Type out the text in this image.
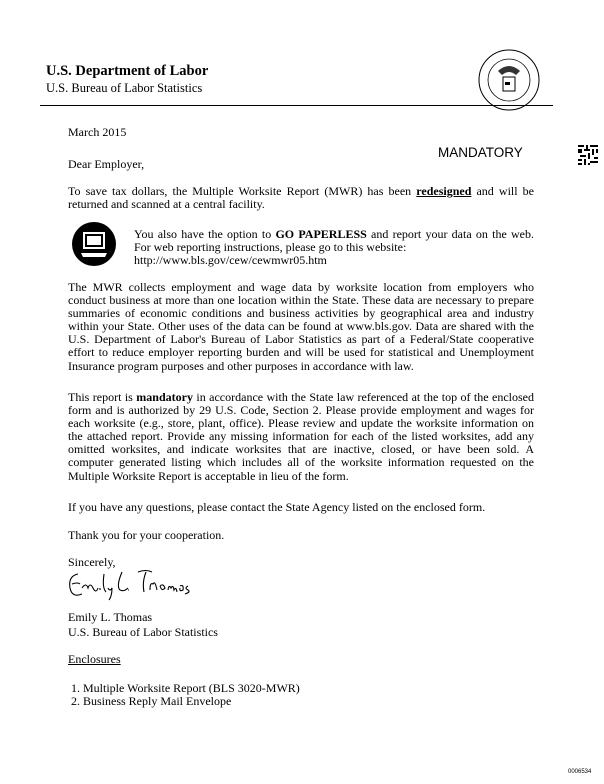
U.S. Department of Labor
U.S. Bureau of Labor Statistics
March 2015
MANDATORY
Dear Employer,
To save tax dollars, the Multiple Worksite Report (MWR) has been redesigned and will be returned and scanned at a central facility.
You also have the option to GO PAPERLESS and report your data on the web. For web reporting instructions, please go to this website:
http://www.bls.gov/cew/cewmwr05.htm
The MWR collects employment and wage data by worksite location from employers who conduct business at more than one location within the State. These data are necessary to prepare summaries of economic conditions and business activities by geographical area and industry within your State. Other uses of the data can be found at www.bls.gov. Data are shared with the U.S. Department of Labor's Bureau of Labor Statistics as part of a Federal/State cooperative effort to reduce employer reporting burden and will be used for statistical and Unemployment Insurance program purposes and other purposes in accordance with law.
This report is mandatory in accordance with the State law referenced at the top of the enclosed form and is authorized by 29 U.S. Code, Section 2. Please provide employment and wages for each worksite (e.g., store, plant, office). Please review and update the worksite information on the attached report. Provide any missing information for each of the listed worksites, add any omitted worksites, and indicate worksites that are inactive, closed, or have been sold. A computer generated listing which includes all of the worksite information requested on the Multiple Worksite Report is acceptable in lieu of the form.
If you have any questions, please contact the State Agency listed on the enclosed form.
Thank you for your cooperation.
Sincerely,
Emily L. Thomas
U.S. Bureau of Labor Statistics
Enclosures
1. Multiple Worksite Report (BLS 3020-MWR)
2. Business Reply Mail Envelope
0006534
